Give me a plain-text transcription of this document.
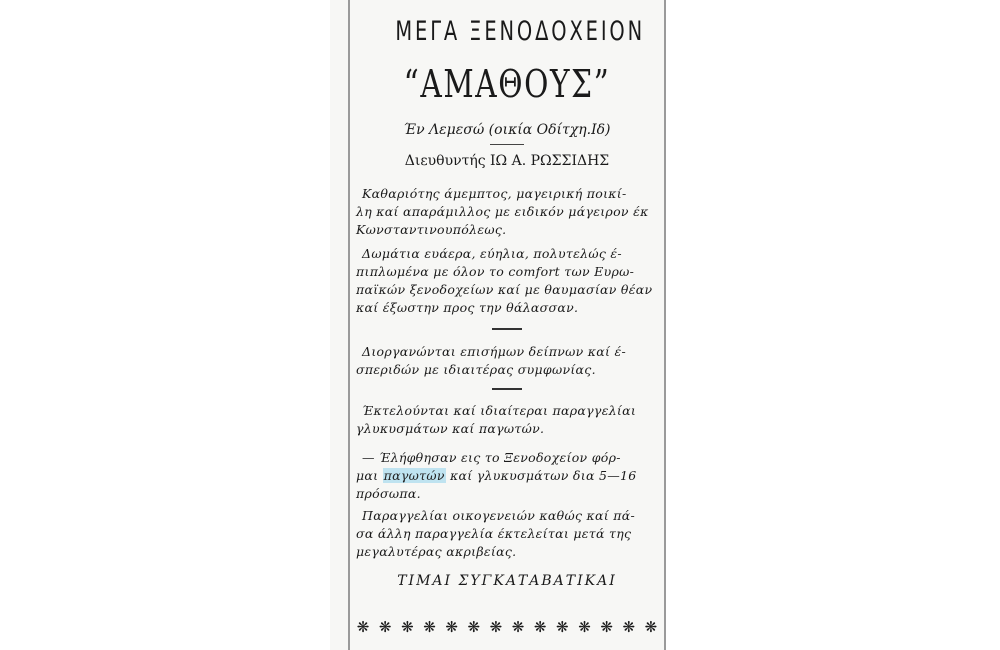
ΜΕΓΑ ΞΕΝΟΔΟΧΕΙΟΝ
“ΑΜΑΘΟΥΣ”
Έν Λεμεσώ (οικία Οδίτχη.Ιδ)
Διευθυντής ΙΩ Α. ΡΩΣΣΙΔΗΣ
Καθαριότης άμεμπτος, μαγειρική ποικί-
λη καί απαράμιλλος με ειδικόν μάγειρον έκ
Κωνσταντινουπόλεως.
Δωμάτια ευάερα, εύηλια, πολυτελώς έ-
πιπλωμένα με όλον το comfort των Ευρω-
παϊκών ξενοδοχείων καί με θαυμασίαν θέαν
καί έξωστην προς την θάλασσαν.
Διοργανώνται επισήμων δείπνων καί έ-
σπεριδών με ιδιαιτέρας συμφωνίας.
Έκτελούνται καί ιδιαίτεραι παραγγελίαι
γλυκυσμάτων καί παγωτών.
— Έλήφθησαν εις το Ξενοδοχείον φόρ-
μαι παγωτών καί γλυκυσμάτων δια 5—16
πρόσωπα.
Παραγγελίαι οικογενειών καθώς καί πά-
σα άλλη παραγγελία έκτελείται μετά της
μεγαλυτέρας ακριβείας.
ΤΙΜΑΙ ΣΥΓΚΑΤΑΒΑΤΙΚΑΙ
❋ ❋ ❋ ❋ ❋ ❋ ❋ ❋ ❋ ❋ ❋ ❋ ❋ ❋
